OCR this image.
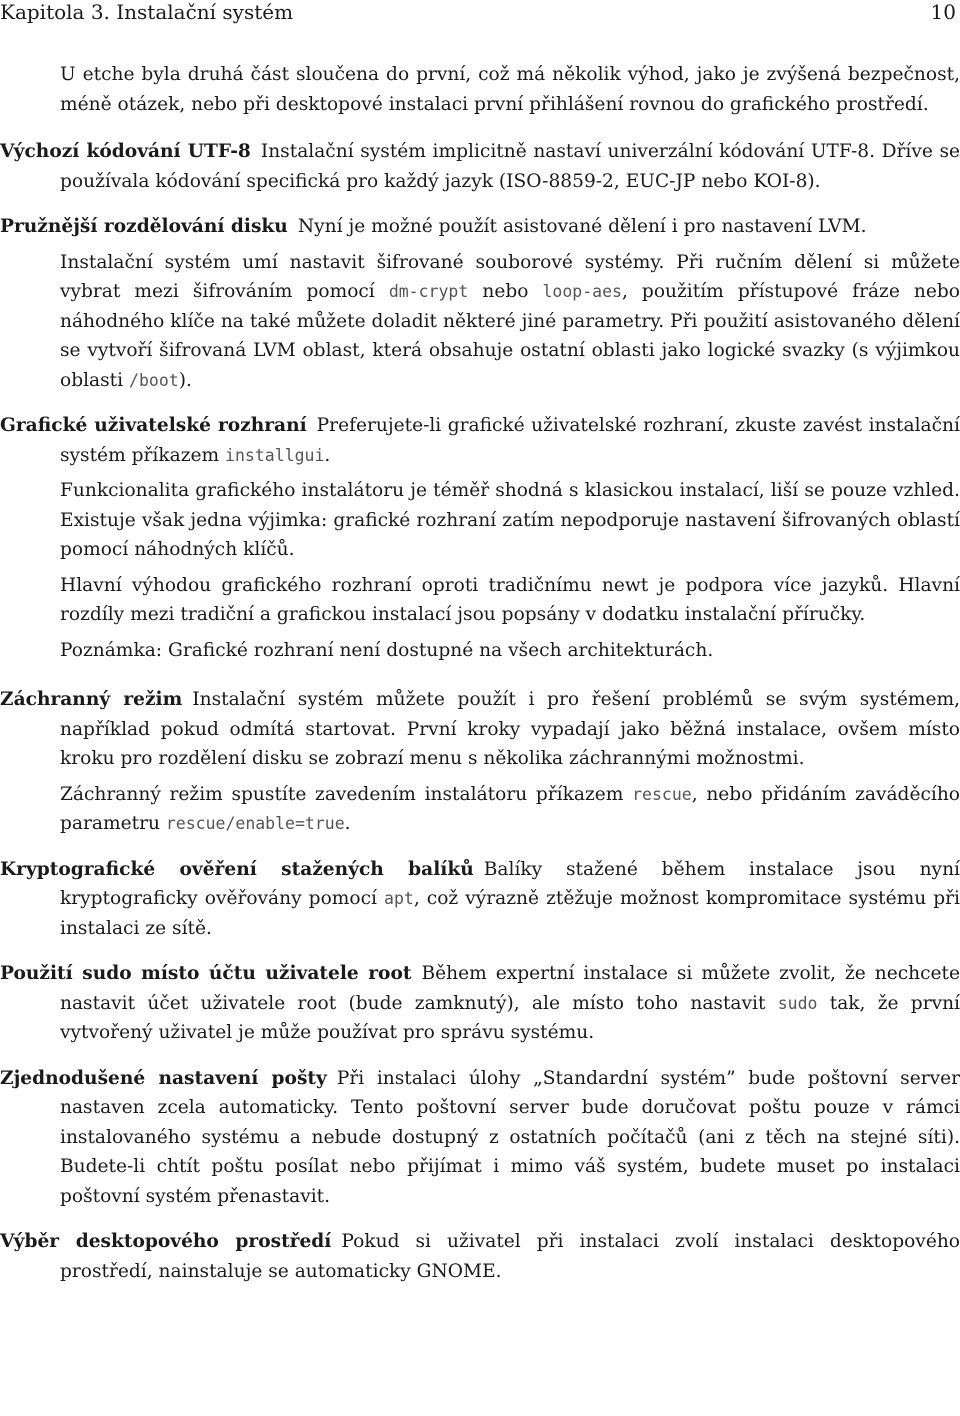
Kapitola 3. Instalační systém	10

U etche byla druhá část sloučena do první, což má několik výhod, jako je zvýšená bezpečnost, méně otázek, nebo při desktopové instalaci první přihlášení rovnou do grafického prostředí.

Výchozí kódování UTF-8 Instalační systém implicitně nastaví univerzální kódování UTF-8. Dříve se používala kódování specifická pro každý jazyk (ISO-8859-2, EUC-JP nebo KOI-8).

Pružnější rozdělování disku Nyní je možné použít asistované dělení i pro nastavení LVM.

Instalační systém umí nastavit šifrované souborové systémy. Při ručním dělení si můžete vybrat mezi šifrováním pomocí dm-crypt nebo loop-aes, použitím přístupové fráze nebo náhodného klíče na také můžete doladit některé jiné parametry. Při použití asistovaného dělení se vytvoří šifrovaná LVM oblast, která obsahuje ostatní oblasti jako logické svazky (s výjimkou oblasti /boot).

Grafické uživatelské rozhraní Preferujete-li grafické uživatelské rozhraní, zkuste zavést instalační systém příkazem installgui.

Funkcionalita grafického instalátoru je téměř shodná s klasickou instalací, liší se pouze vzhled. Existuje však jedna výjimka: grafické rozhraní zatím nepodporuje nastavení šifrovaných oblastí pomocí náhodných klíčů.

Hlavní výhodou grafického rozhraní oproti tradičnímu newt je podpora více jazyků. Hlavní rozdíly mezi tradiční a grafickou instalací jsou popsány v dodatku instalační příručky.

Poznámka: Grafické rozhraní není dostupné na všech architekturách.

Záchranný režim Instalační systém můžete použít i pro řešení problémů se svým systémem, například pokud odmítá startovat. První kroky vypadají jako běžná instalace, ovšem místo kroku pro rozdělení disku se zobrazí menu s několika záchrannými možnostmi.

Záchranný režim spustíte zavedením instalátoru příkazem rescue, nebo přidáním zaváděcího parametru rescue/enable=true.

Kryptografické ověření stažených balíků Balíky stažené během instalace jsou nyní kryptograficky ověřovány pomocí apt, což výrazně ztěžuje možnost kompromitace systému při instalaci ze sítě.

Použití sudo místo účtu uživatele root Během expertní instalace si můžete zvolit, že nechcete nastavit účet uživatele root (bude zamknutý), ale místo toho nastavit sudo tak, že první vytvořený uživatel je může používat pro správu systému.

Zjednodušené nastavení pošty Při instalaci úlohy „Standardní systém” bude poštovní server nastaven zcela automaticky. Tento poštovní server bude doručovat poštu pouze v rámci instalovaného systému a nebude dostupný z ostatních počítačů (ani z těch na stejné síti). Budete-li chtít poštu posílat nebo přijímat i mimo váš systém, budete muset po instalaci poštovní systém přenastavit.

Výběr desktopového prostředí Pokud si uživatel při instalaci zvolí instalaci desktopového prostředí, nainstaluje se automaticky GNOME.
